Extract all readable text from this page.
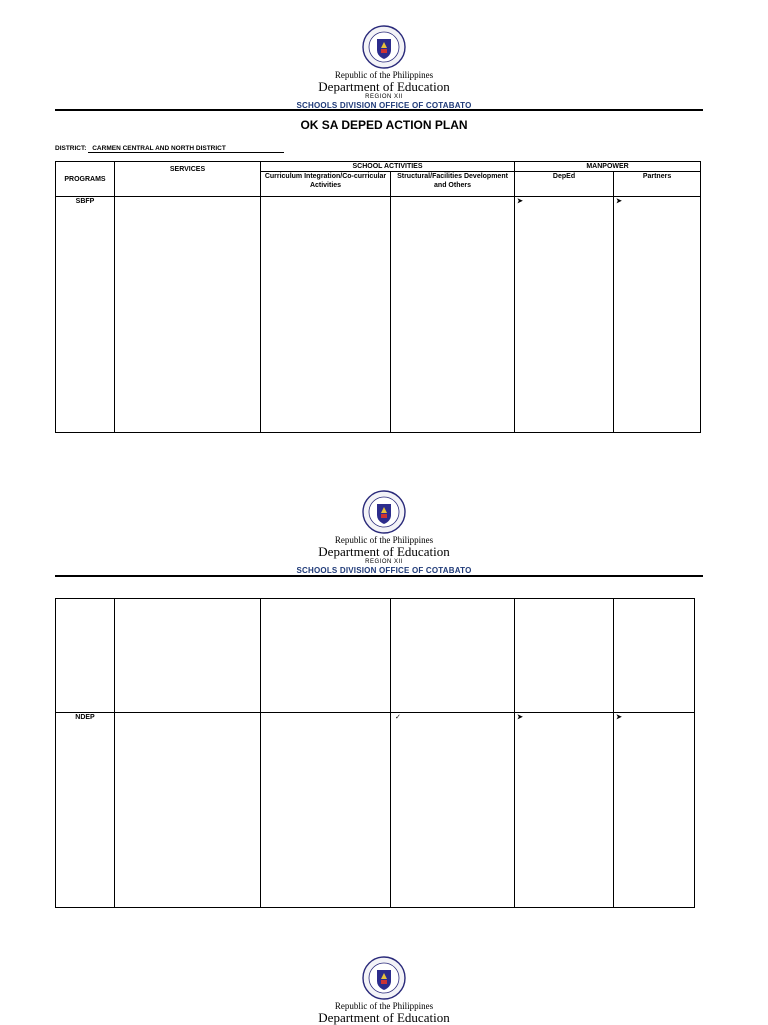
Republic of the Philippines
Department of Education
REGION XII
SCHOOLS DIVISION OFFICE OF COTABATO
OK SA DEPED ACTION PLAN
DISTRICT: CARMEN CENTRAL AND NORTH DISTRICT
PROGRAMS	SERVICES	SCHOOL ACTIVITIES		MANPOWER	
		Curriculum Integration/Co-curricular Activities	Structural/Facilities Development and Others	DepEd	Partners

SBFP				➤	➤
Republic of the Philippines
Department of Education
REGION XII
SCHOOLS DIVISION OFFICE OF COTABATO

NDEP			✓	➤	➤
Republic of the Philippines
Department of Education
